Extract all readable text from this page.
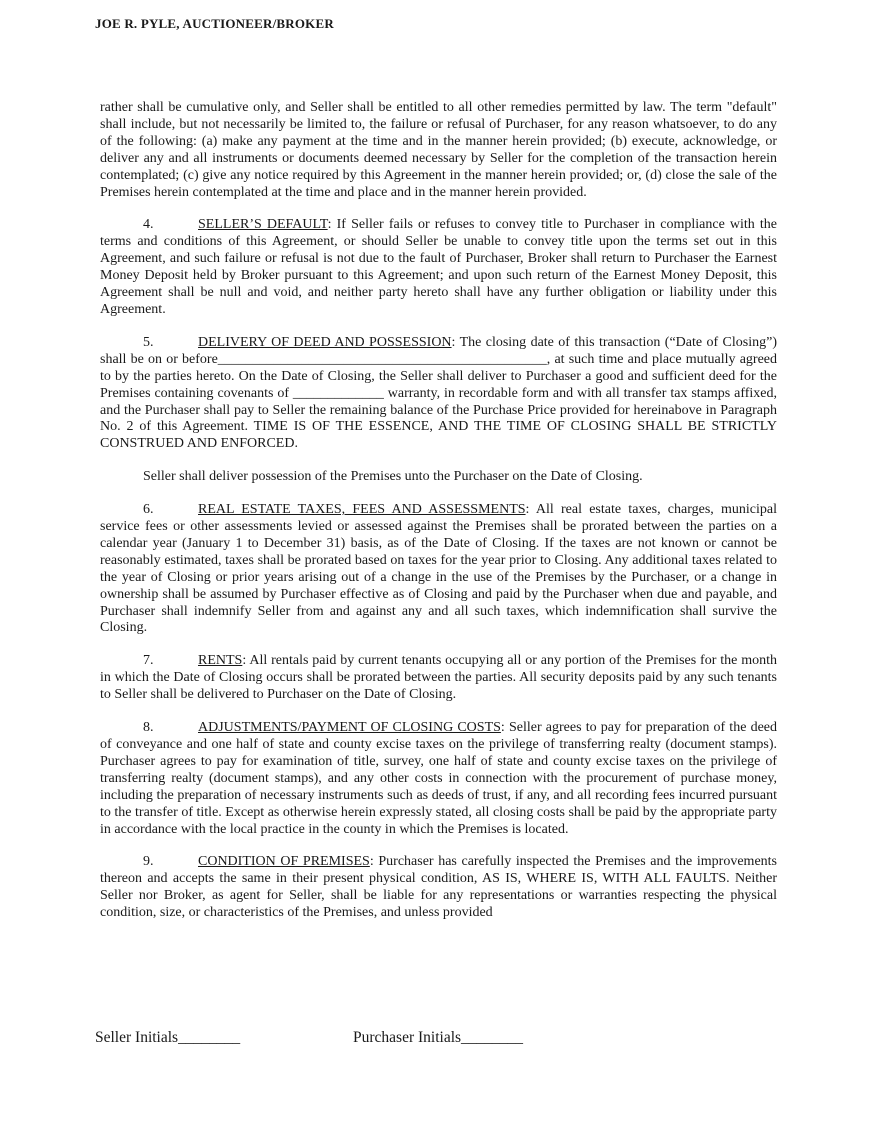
JOE R. PYLE, AUCTIONEER/BROKER

rather shall be cumulative only, and Seller shall be entitled to all other remedies permitted by law. The term "default" shall include, but not necessarily be limited to, the failure or refusal of Purchaser, for any reason whatsoever, to do any of the following: (a) make any payment at the time and in the manner herein provided; (b) execute, acknowledge, or deliver any and all instruments or documents deemed necessary by Seller for the completion of the transaction herein contemplated; (c) give any notice required by this Agreement in the manner herein provided; or, (d) close the sale of the Premises herein contemplated at the time and place and in the manner herein provided.

4.	SELLER’S DEFAULT: If Seller fails or refuses to convey title to Purchaser in compliance with the terms and conditions of this Agreement, or should Seller be unable to convey title upon the terms set out in this Agreement, and such failure or refusal is not due to the fault of Purchaser, Broker shall return to Purchaser the Earnest Money Deposit held by Broker pursuant to this Agreement; and upon such return of the Earnest Money Deposit, this Agreement shall be null and void, and neither party hereto shall have any further obligation or liability under this Agreement.

5.	DELIVERY OF DEED AND POSSESSION: The closing date of this transaction (“Date of Closing”) shall be on or before_______________________________________________, at such time and place mutually agreed to by the parties hereto. On the Date of Closing, the Seller shall deliver to Purchaser a good and sufficient deed for the Premises containing covenants of _____________ warranty, in recordable form and with all transfer tax stamps affixed, and the Purchaser shall pay to Seller the remaining balance of the Purchase Price provided for hereinabove in Paragraph No. 2 of this Agreement. TIME IS OF THE ESSENCE, AND THE TIME OF CLOSING SHALL BE STRICTLY CONSTRUED AND ENFORCED.

Seller shall deliver possession of the Premises unto the Purchaser on the Date of Closing.

6.	REAL ESTATE TAXES, FEES AND ASSESSMENTS: All real estate taxes, charges, municipal service fees or other assessments levied or assessed against the Premises shall be prorated between the parties on a calendar year (January 1 to December 31) basis, as of the Date of Closing. If the taxes are not known or cannot be reasonably estimated, taxes shall be prorated based on taxes for the year prior to Closing. Any additional taxes related to the year of Closing or prior years arising out of a change in the use of the Premises by the Purchaser, or a change in ownership shall be assumed by Purchaser effective as of Closing and paid by the Purchaser when due and payable, and Purchaser shall indemnify Seller from and against any and all such taxes, which indemnification shall survive the Closing.

7.	RENTS: All rentals paid by current tenants occupying all or any portion of the Premises for the month in which the Date of Closing occurs shall be prorated between the parties. All security deposits paid by any such tenants to Seller shall be delivered to Purchaser on the Date of Closing.

8.	ADJUSTMENTS/PAYMENT OF CLOSING COSTS: Seller agrees to pay for preparation of the deed of conveyance and one half of state and county excise taxes on the privilege of transferring realty (document stamps). Purchaser agrees to pay for examination of title, survey, one half of state and county excise taxes on the privilege of transferring realty (document stamps), and any other costs in connection with the procurement of purchase money, including the preparation of necessary instruments such as deeds of trust, if any, and all recording fees incurred pursuant to the transfer of title. Except as otherwise herein expressly stated, all closing costs shall be paid by the appropriate party in accordance with the local practice in the county in which the Premises is located.

9.	CONDITION OF PREMISES: Purchaser has carefully inspected the Premises and the improvements thereon and accepts the same in their present physical condition, AS IS, WHERE IS, WITH ALL FAULTS. Neither Seller nor Broker, as agent for Seller, shall be liable for any representations or warranties respecting the physical condition, size, or characteristics of the Premises, and unless provided

Seller Initials________	Purchaser Initials________
